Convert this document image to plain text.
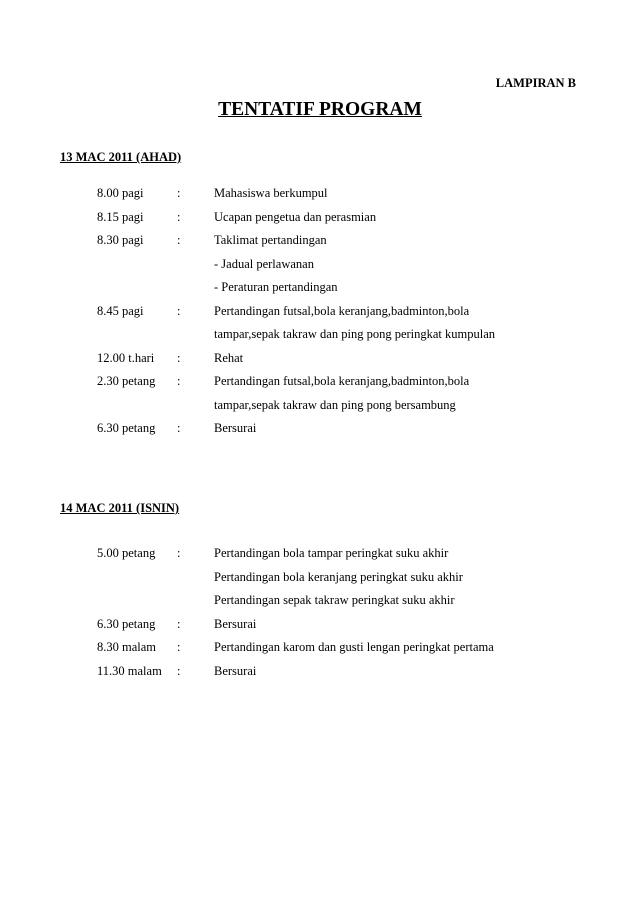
LAMPIRAN B
TENTATIF PROGRAM
13 MAC 2011 (AHAD)
8.00 pagi	:	Mahasiswa berkumpul
8.15 pagi	:	Ucapan pengetua dan perasmian
8.30 pagi	:	Taklimat pertandingan
- Jadual perlawanan
- Peraturan pertandingan
8.45 pagi	:	Pertandingan futsal,bola keranjang,badminton,bola
tampar,sepak takraw dan ping pong peringkat kumpulan
12.00 t.hari :	Rehat
2.30 petang :	Pertandingan futsal,bola keranjang,badminton,bola
tampar,sepak takraw dan ping pong bersambung
6.30 petang :	Bersurai
14 MAC 2011 (ISNIN)
5.00 petang :	Pertandingan bola tampar peringkat suku akhir
Pertandingan bola keranjang peringkat suku akhir
Pertandingan sepak takraw peringkat suku akhir
6.30 petang :	Bersurai
8.30 malam :	Pertandingan karom dan gusti lengan peringkat pertama
11.30 malam :	Bersurai
